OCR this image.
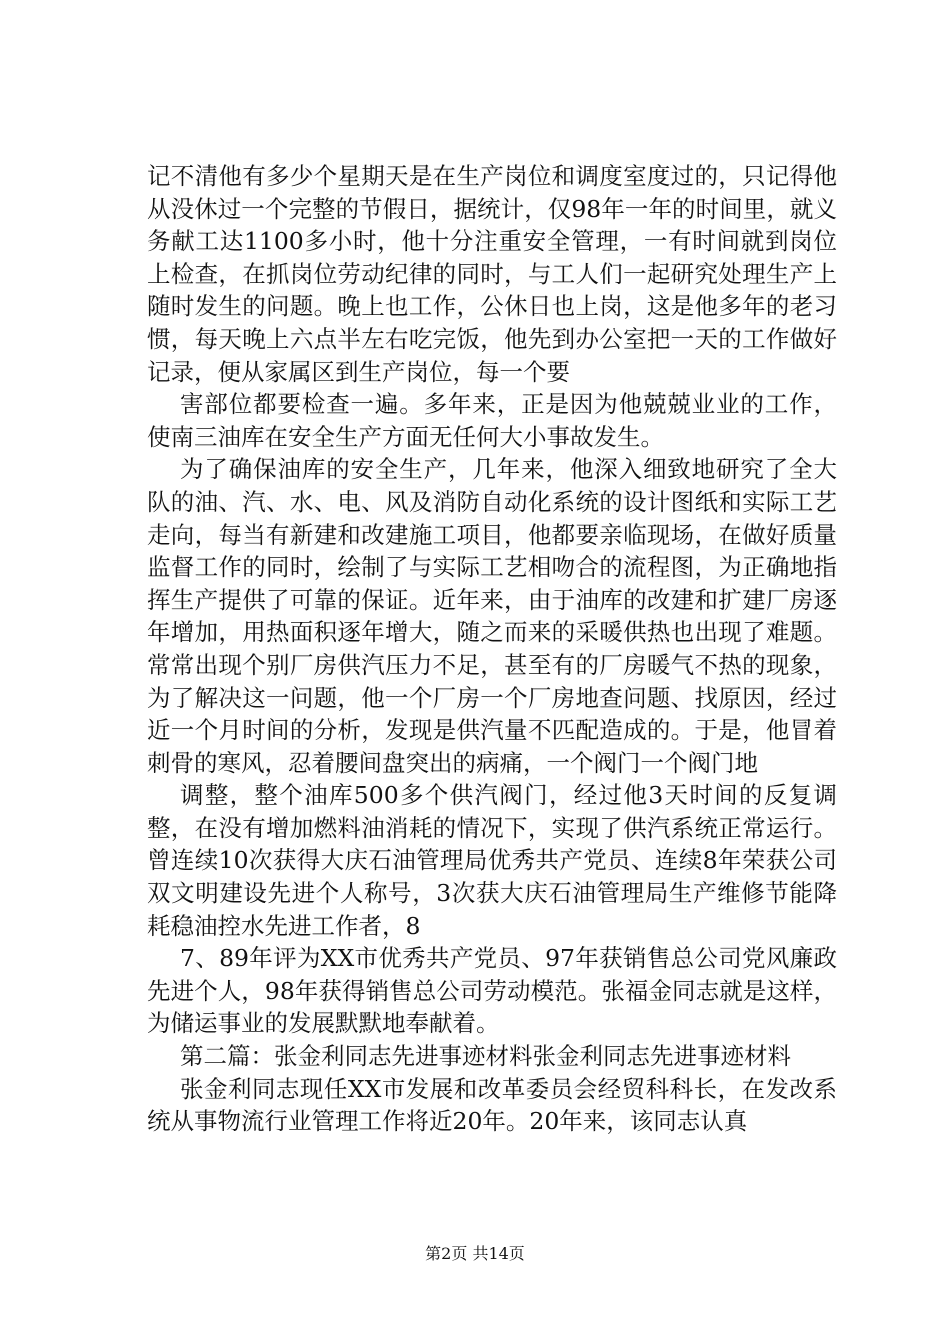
记不清他有多少个星期天是在生产岗位和调度室度过的，只记得他从没休过一个完整的节假日，据统计，仅98年一年的时间里，就义务献工达1100多小时，他十分注重安全管理，一有时间就到岗位上检查，在抓岗位劳动纪律的同时，与工人们一起研究处理生产上随时发生的问题。晚上也工作，公休日也上岗，这是他多年的老习惯，每天晚上六点半左右吃完饭，他先到办公室把一天的工作做好记录，便从家属区到生产岗位，每一个要

害部位都要检查一遍。多年来，正是因为他兢兢业业的工作，使南三油库在安全生产方面无任何大小事故发生。

为了确保油库的安全生产，几年来，他深入细致地研究了全大队的油、汽、水、电、风及消防自动化系统的设计图纸和实际工艺走向，每当有新建和改建施工项目，他都要亲临现场，在做好质量监督工作的同时，绘制了与实际工艺相吻合的流程图，为正确地指挥生产提供了可靠的保证。近年来，由于油库的改建和扩建厂房逐年增加，用热面积逐年增大，随之而来的采暖供热也出现了难题。常常出现个别厂房供汽压力不足，甚至有的厂房暖气不热的现象，为了解决这一问题，他一个厂房一个厂房地查问题、找原因，经过近一个月时间的分析，发现是供汽量不匹配造成的。于是，他冒着刺骨的寒风，忍着腰间盘突出的病痛，一个阀门一个阀门地

调整，整个油库500多个供汽阀门，经过他3天时间的反复调整，在没有增加燃料油消耗的情况下，实现了供汽系统正常运行。曾连续10次获得大庆石油管理局优秀共产党员、连续8年荣获公司双文明建设先进个人称号，3次获大庆石油管理局生产维修节能降耗稳油控水先进工作者，8

7、89年评为XX市优秀共产党员、97年获销售总公司党风廉政先进个人，98年获得销售总公司劳动模范。张福金同志就是这样，为储运事业的发展默默地奉献着。

第二篇：张金利同志先进事迹材料张金利同志先进事迹材料

张金利同志现任XX市发展和改革委员会经贸科科长，在发改系统从事物流行业管理工作将近20年。20年来，该同志认真

第2页 共14页
